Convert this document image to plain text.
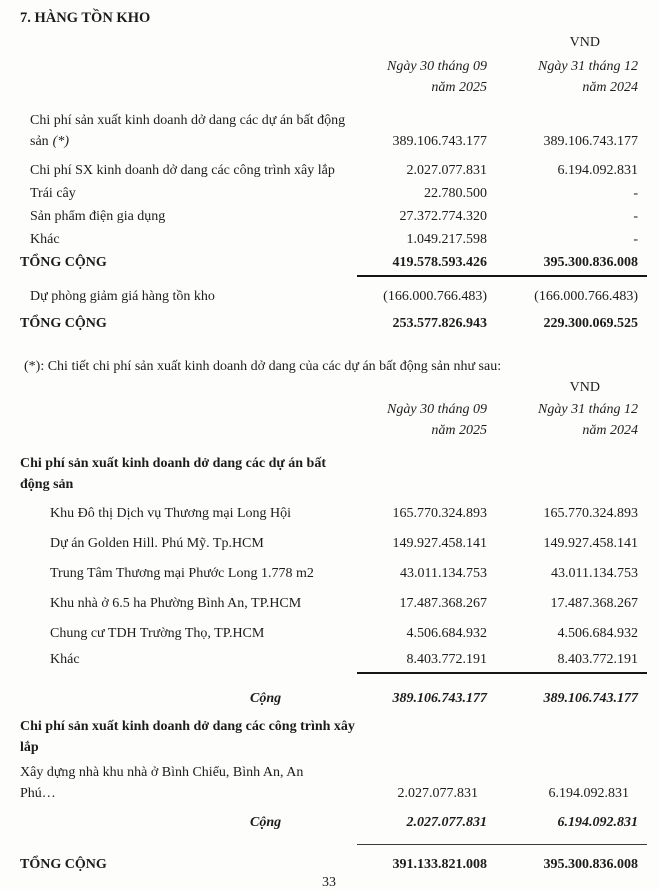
7. HÀNG TỒN KHO
VND
Ngày 30 tháng 09
năm 2025
Ngày 31 tháng 12
năm 2024
Chi phí sản xuất kinh doanh dở dang các dự án bất động sản (*)	389.106.743.177	389.106.743.177
Chi phí SX kinh doanh dở dang các công trình xây lắp	2.027.077.831	6.194.092.831
Trái cây	22.780.500	-
Sản phẩm điện gia dụng	27.372.774.320	-
Khác	1.049.217.598	-
TỔNG CỘNG	419.578.593.426	395.300.836.008
Dự phòng giảm giá hàng tồn kho	(166.000.766.483)	(166.000.766.483)
TỔNG CỘNG	253.577.826.943	229.300.069.525
(*): Chi tiết chi phí sản xuất kinh doanh dở dang của các dự án bất động sản như sau:
VND
Ngày 30 tháng 09
năm 2025
Ngày 31 tháng 12
năm 2024
Chi phí sản xuất kinh doanh dở dang các dự án bất động sản
Khu Đô thị Dịch vụ Thương mại Long Hội	165.770.324.893	165.770.324.893
Dự án Golden Hill. Phú Mỹ. Tp.HCM	149.927.458.141	149.927.458.141
Trung Tâm Thương mại Phước Long 1.778 m2	43.011.134.753	43.011.134.753
Khu nhà ở 6.5 ha Phường Bình An, TP.HCM	17.487.368.267	17.487.368.267
Chung cư TDH Trường Thọ, TP.HCM	4.506.684.932	4.506.684.932
Khác	8.403.772.191	8.403.772.191
Cộng	389.106.743.177	389.106.743.177
Chi phí sản xuất kinh doanh dở dang các công trình xây lắp
Xây dựng nhà khu nhà ở Bình Chiểu, Bình An, An Phú…	2.027.077.831	6.194.092.831
Cộng	2.027.077.831	6.194.092.831
TỔNG CỘNG	391.133.821.008	395.300.836.008
33
